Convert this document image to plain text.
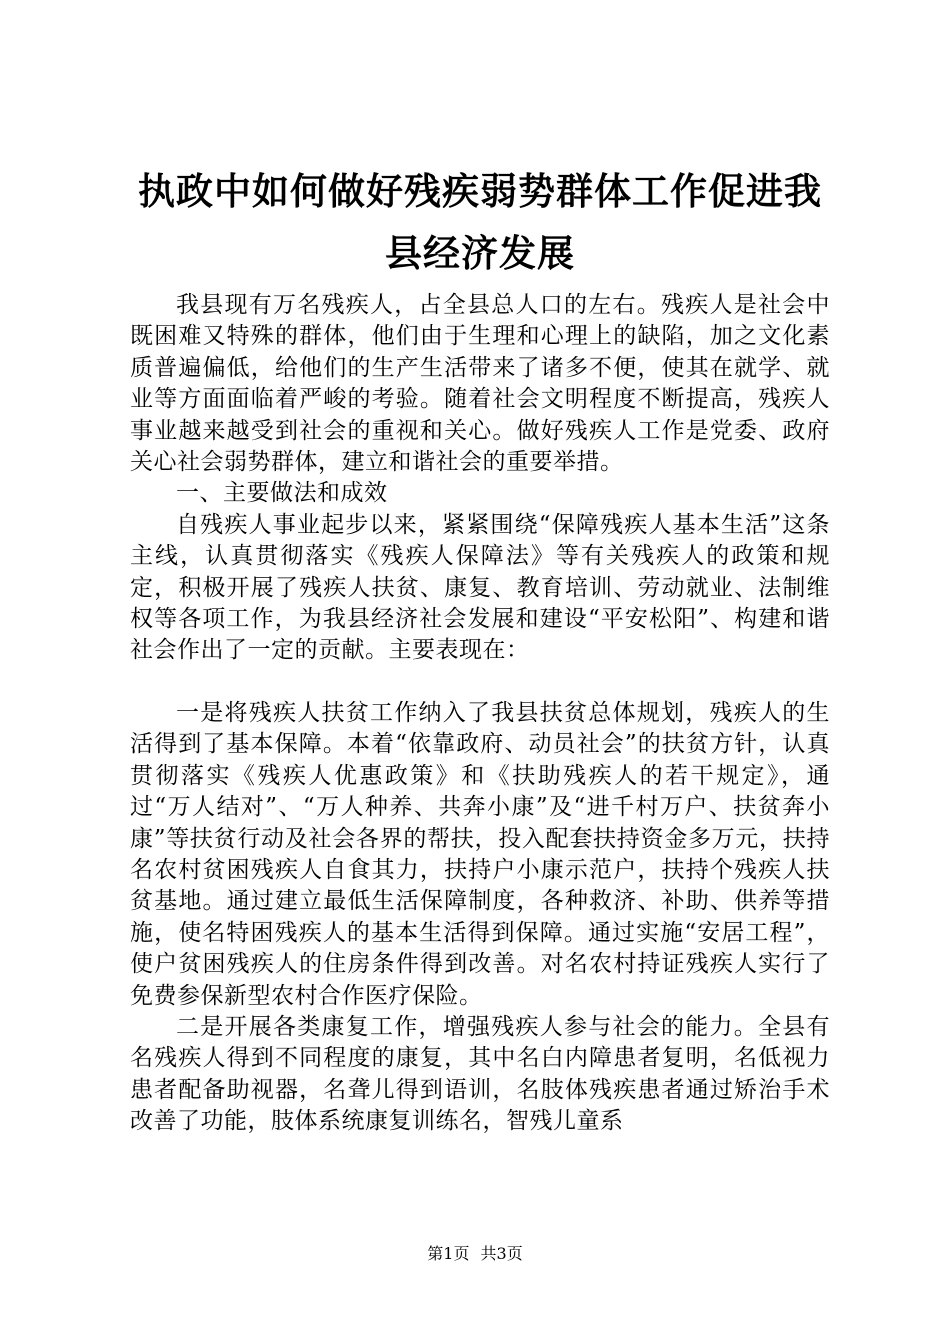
执政中如何做好残疾弱势群体工作促进我县经济发展

我县现有万名残疾人，占全县总人口的左右。残疾人是社会中既困难又特殊的群体，他们由于生理和心理上的缺陷，加之文化素质普遍偏低，给他们的生产生活带来了诸多不便，使其在就学、就业等方面面临着严峻的考验。随着社会文明程度不断提高，残疾人事业越来越受到社会的重视和关心。做好残疾人工作是党委、政府关心社会弱势群体，建立和谐社会的重要举措。

一、主要做法和成效

自残疾人事业起步以来，紧紧围绕“保障残疾人基本生活”这条主线，认真贯彻落实《残疾人保障法》等有关残疾人的政策和规定，积极开展了残疾人扶贫、康复、教育培训、劳动就业、法制维权等各项工作，为我县经济社会发展和建设“平安松阳”、构建和谐社会作出了一定的贡献。主要表现在：

一是将残疾人扶贫工作纳入了我县扶贫总体规划，残疾人的生活得到了基本保障。本着“依靠政府、动员社会”的扶贫方针，认真贯彻落实《残疾人优惠政策》和《扶助残疾人的若干规定》，通过“万人结对”、“万人种养、共奔小康”及“进千村万户、扶贫奔小康”等扶贫行动及社会各界的帮扶，投入配套扶持资金多万元，扶持名农村贫困残疾人自食其力，扶持户小康示范户，扶持个残疾人扶贫基地。通过建立最低生活保障制度，各种救济、补助、供养等措施，使名特困残疾人的基本生活得到保障。通过实施“安居工程”，使户贫困残疾人的住房条件得到改善。对名农村持证残疾人实行了免费参保新型农村合作医疗保险。

二是开展各类康复工作，增强残疾人参与社会的能力。全县有名残疾人得到不同程度的康复，其中名白内障患者复明，名低视力患者配备助视器，名聋儿得到语训，名肢体残疾患者通过矫治手术改善了功能，肢体系统康复训练名，智残儿童系

第1页 共3页
